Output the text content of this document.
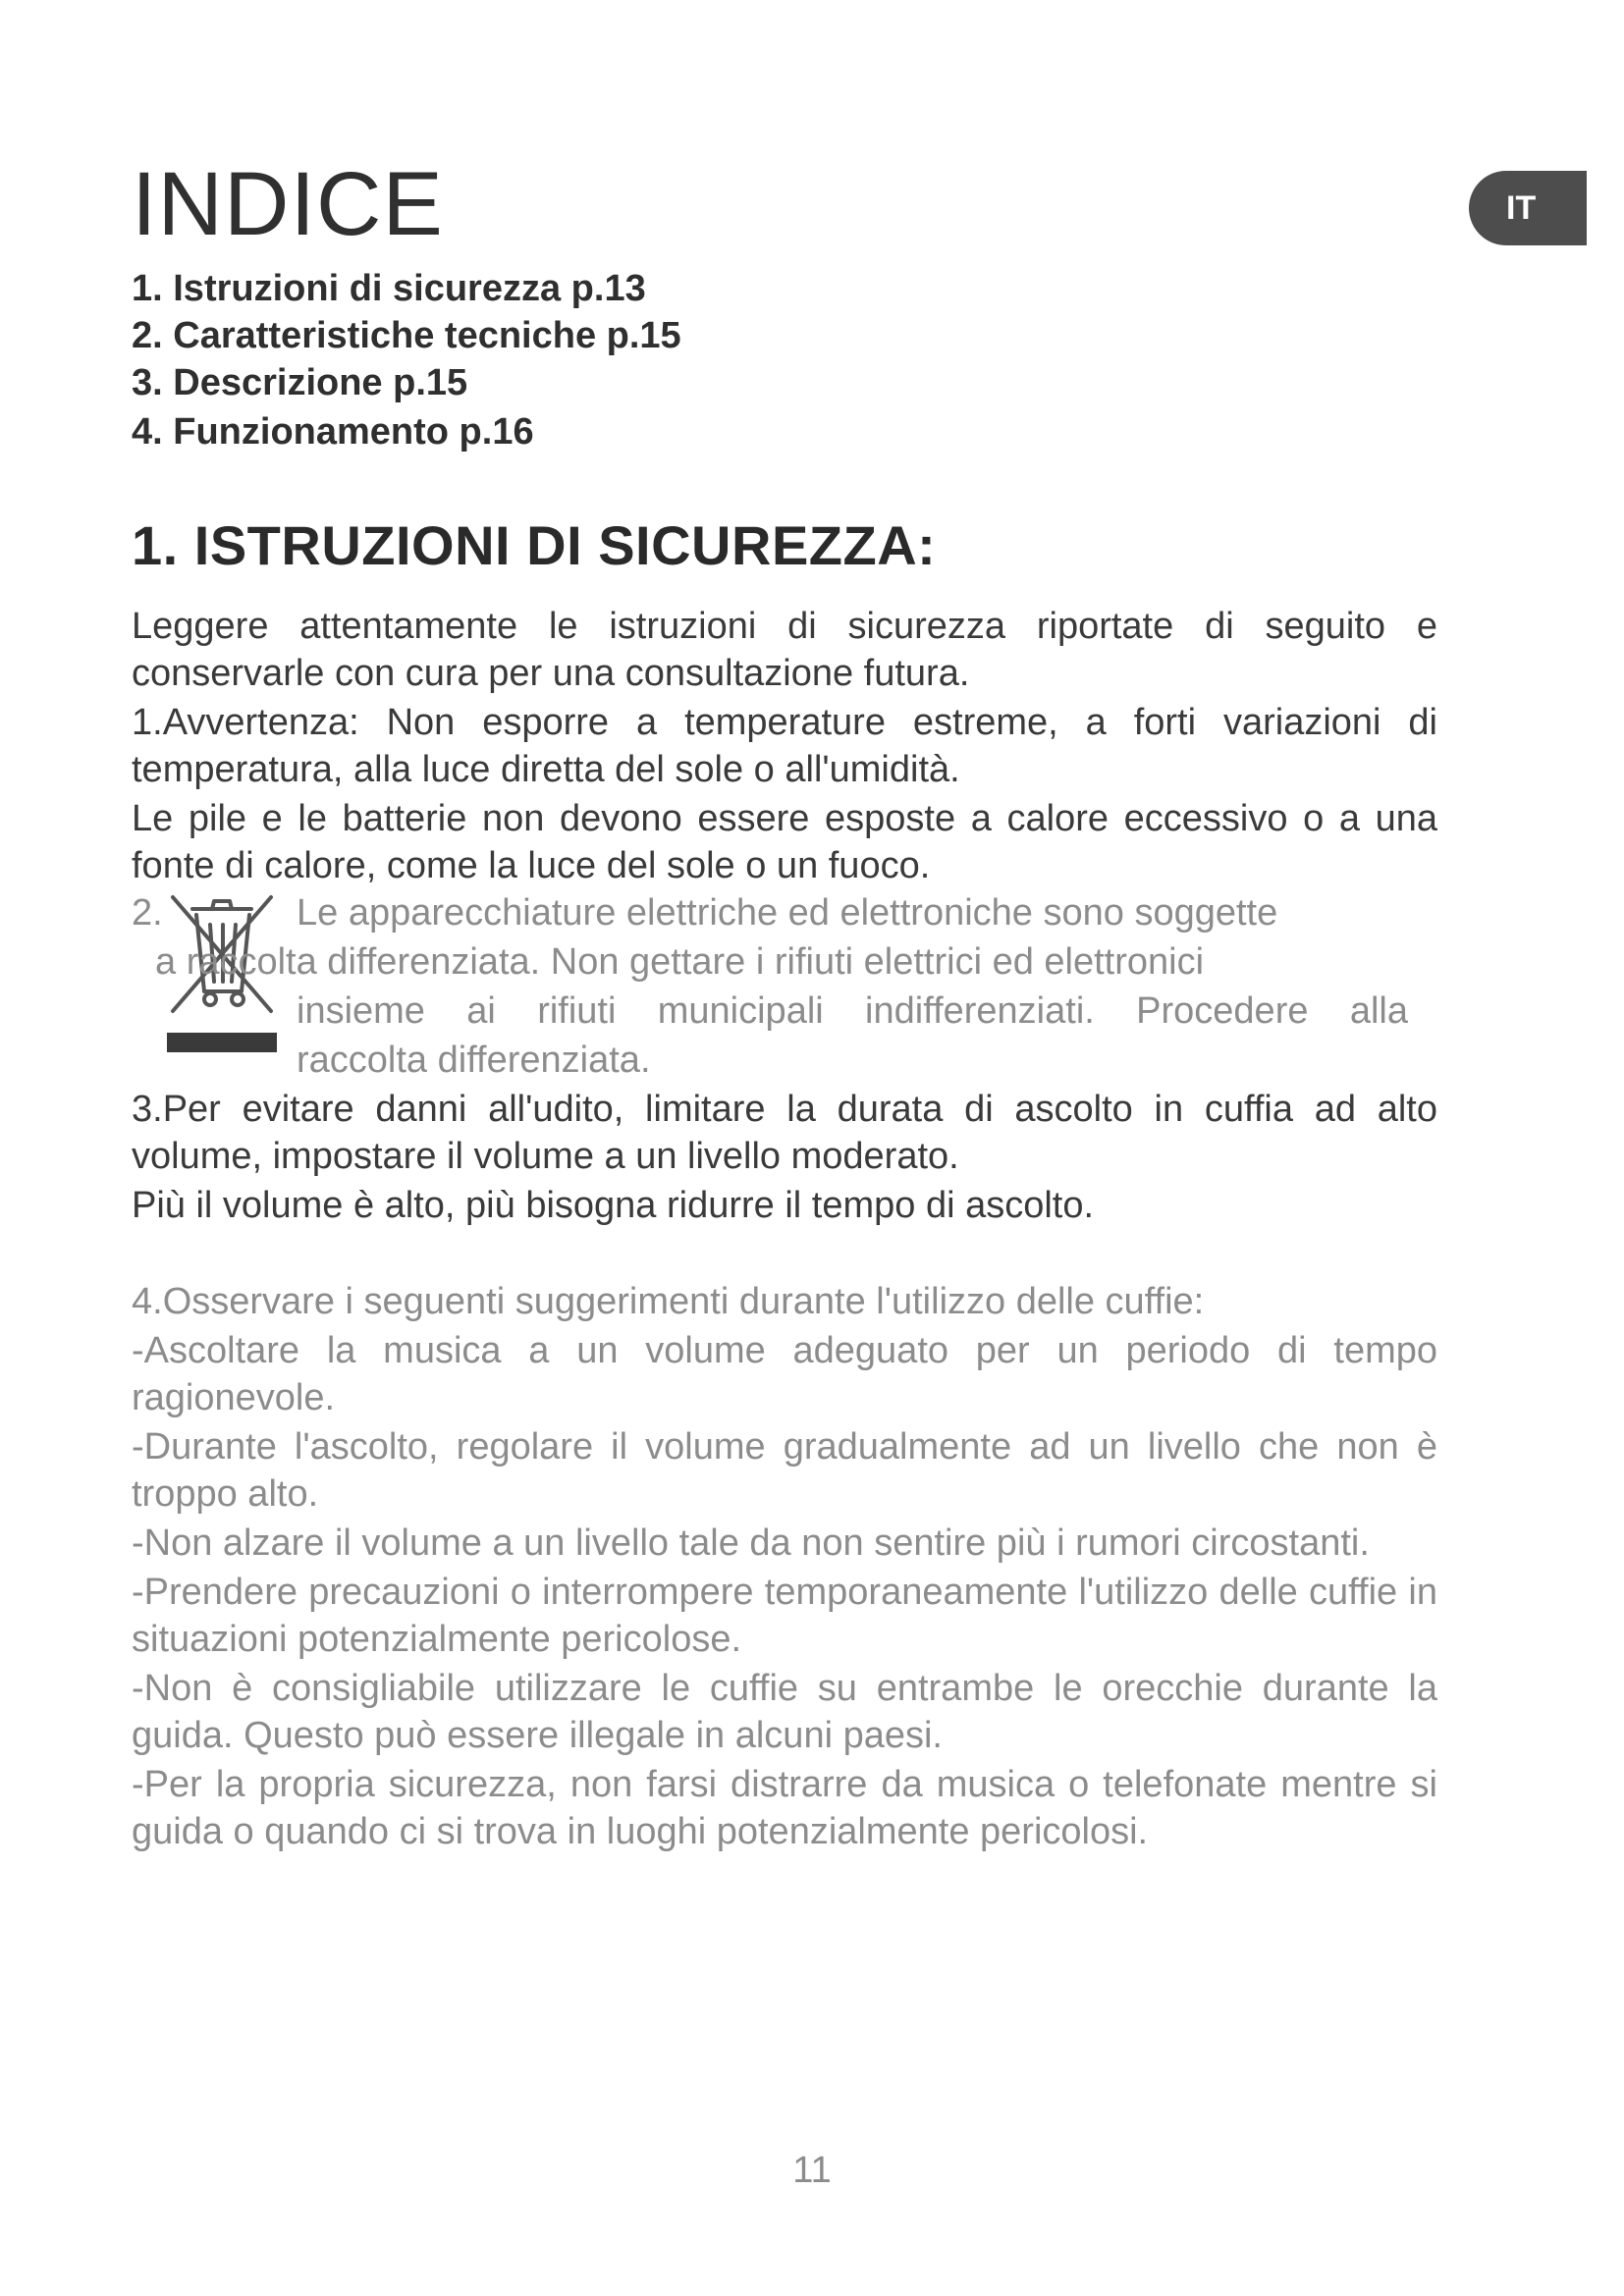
INDICE	IT
1. Istruzioni di sicurezza p.13
2. Caratteristiche tecniche p.15
3. Descrizione p.15
4. Funzionamento p.16
1. ISTRUZIONI DI SICUREZZA:

Leggere attentamente le istruzioni di sicurezza riportate di seguito e conservarle con cura per una consultazione futura.

1.Avvertenza: Non esporre a temperature estreme, a forti variazioni di temperatura, alla luce diretta del sole o all'umidità.

Le pile e le batterie non devono essere esposte a calore eccessivo o a una fonte di calore, come la luce del sole o un fuoco.

2.	Le apparecchiature elettriche ed elettroniche sono soggette
a raccolta differenziata. Non gettare i rifiuti elettrici ed elettronici
insieme ai rifiuti municipali indifferenziati. Procedere alla
raccolta differenziata.

3.Per evitare danni all'udito, limitare la durata di ascolto in cuffia ad alto volume, impostare il volume a un livello moderato.

Più il volume è alto, più bisogna ridurre il tempo di ascolto.

4.Osservare i seguenti suggerimenti durante l'utilizzo delle cuffie:

-Ascoltare la musica a un volume adeguato per un periodo di tempo ragionevole.

-Durante l'ascolto, regolare il volume gradualmente ad un livello che non è troppo alto.

-Non alzare il volume a un livello tale da non sentire più i rumori circostanti.

-Prendere precauzioni o interrompere temporaneamente l'utilizzo delle cuffie in situazioni potenzialmente pericolose.

-Non è consigliabile utilizzare le cuffie su entrambe le orecchie durante la guida. Questo può essere illegale in alcuni paesi.

-Per la propria sicurezza, non farsi distrarre da musica o telefonate mentre si guida o quando ci si trova in luoghi potenzialmente pericolosi.

11
